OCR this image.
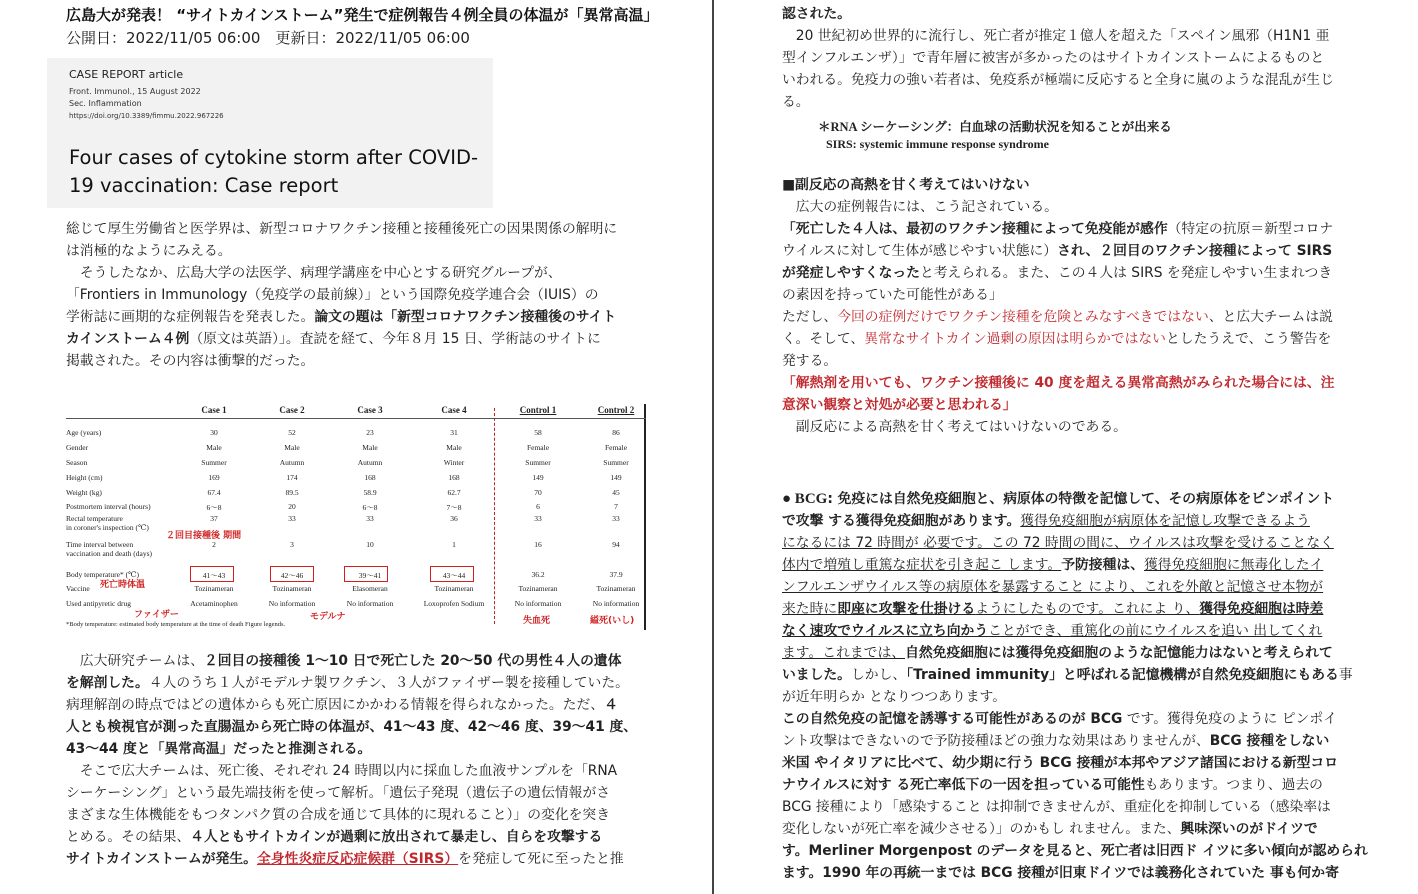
広島大が発表！ “サイトカインストーム”発生で症例報告４例全員の体温が「異常高温」
公開日：2022/11/05 06:00　更新日：2022/11/05 06:00
CASE REPORT article
Front. Immunol., 15 August 2022
Sec. Inflammation
https://doi.org/10.3389/fimmu.2022.967226
Four cases of cytokine storm after COVID-19 vaccination: Case report

総じて厚生労働省と医学界は、新型コロナワクチン接種と接種後死亡の因果関係の解明に

は消極的なようにみえる。

そうしたなか、広島大学の法医学、病理学講座を中心とする研究グループが、

「Frontiers in Immunology（免疫学の最前線）」という国際免疫学連合会（IUIS）の

学術誌に画期的な症例報告を発表した。論文の題は「新型コロナワクチン接種後のサイト

カインストーム４例（原文は英語）」。査読を経て、今年８月 15 日、学術誌のサイトに

掲載された。その内容は衝撃的だった。

Case 1	Case 2	Case 3	Case 4	Control 1	Control 2
Age (years)	30	52	23	31	58	86
Gender	Male	Male	Male	Male	Female	Female
Season	Summer	Autumn	Autumn	Winter	Summer	Summer
Height (cm)	169	174	168	168	149	149
Weight (kg)	67.4	89.5	58.9	62.7	70	45
Postmortem interval (hours)	6～8	20	6～8	7～8	6	7
Rectal temperature
in coroner's inspection (℃)
37	33	33	36	33	33
Time interval between
vaccination and death (days)
2	3	10	1	16	94
Body temperature* (℃)	41～43	42～46	39～41	43～44	36.2	37.9
Vaccine	Tozinameran	Tozinameran	Elasomeran	Tozinameran	Tozinameran	Tozinameran
Used antipyretic drug	Acetaminophen	No information	No information	Loxoprofen Sodium	No information	No information
２回目接種後 期間
死亡時体温
ファイザー	モデルナ	失血死	縊死(いし)
*Body temperature: estimated body temperature at the time of death Figure legends.

広大研究チームは、２回目の接種後 1～10 日で死亡した 20～50 代の男性４人の遺体

を解剖した。４人のうち１人がモデルナ製ワクチン、３人がファイザー製を接種していた。

病理解剖の時点ではどの遺体からも死亡原因にかかわる情報を得られなかった。ただ、４

人とも検視官が測った直腸温から死亡時の体温が、41～43 度、42～46 度、39～41 度、

43～44 度と「異常高温」だったと推測される。

そこで広大チームは、死亡後、それぞれ 24 時間以内に採血した血液サンプルを「RNA

シーケーシング」という最先端技術を使って解析。「遺伝子発現（遺伝子の遺伝情報がさ

まざまな生体機能をもつタンパク質の合成を通じて具体的に現れること）」の変化を突き

とめる。その結果、４人ともサイトカインが過剰に放出されて暴走し、自らを攻撃する

サイトカインストームが発生。全身性炎症反応症候群（SIRS）を発症して死に至ったと推

認された。

20 世紀初め世界的に流行し、死亡者が推定１億人を超えた「スペイン風邪（H1N1 亜

型インフルエンザ）」で青年層に被害が多かったのはサイトカインストームによるものと

いわれる。免疫力の強い若者は、免疫系が極端に反応すると全身に嵐のような混乱が生じ

る。

＊RNA シーケーシング：白血球の活動状況を知ることが出来る
SIRS: systemic immune response syndrome

■副反応の高熱を甘く考えてはいけない

広大の症例報告には、こう記されている。

「死亡した４人は、最初のワクチン接種によって免疫能が感作（特定の抗原＝新型コロナ

ウイルスに対して生体が感じやすい状態に）され、２回目のワクチン接種によって SIRS

が発症しやすくなったと考えられる。また、この４人は SIRS を発症しやすい生まれつき

の素因を持っていた可能性がある」

ただし、今回の症例だけでワクチン接種を危険とみなすべきではない、と広大チームは説

く。そして、異常なサイトカイン過剰の原因は明らかではないとしたうえで、こう警告を

発する。

「解熱剤を用いても、ワクチン接種後に 40 度を超える異常高熱がみられた場合には、注

意深い観察と対処が必要と思われる」

副反応による高熱を甘く考えてはいけないのである。

● BCG: 免疫には自然免疫細胞と、病原体の特徴を記憶して、その病原体をピンポイント

で攻撃 する獲得免疫細胞があります。獲得免疫細胞が病原体を記憶し攻撃できるよう

になるには 72 時間が 必要です。この 72 時間の間に、ウイルスは攻撃を受けることなく

体内で増殖し重篤な症状を引き起こ します。予防接種は、獲得免疫細胞に無毒化したイ

ンフルエンザウイルス等の病原体を暴露すること により、これを外敵と記憶させ本物が

来た時に即座に攻撃を仕掛けるようにしたものです。これによ り、獲得免疫細胞は時差

なく速攻でウイルスに立ち向かうことができ、重篤化の前にウイルスを追い 出してくれ

ます。これまでは、自然免疫細胞には獲得免疫細胞のような記憶能力はないと考えられて

いました。しかし、「Trained immunity」と呼ばれる記憶機構が自然免疫細胞にもある事

が近年明らか となりつつあります。

この自然免疫の記憶を誘導する可能性があるのが BCG です。獲得免疫のように ピンポイ

ント攻撃はできないので予防接種ほどの強力な効果はありませんが、BCG 接種をしない

米国 やイタリアに比べて、幼少期に行う BCG 接種が本邦やアジア諸国における新型コロ

ナウイルスに対す る死亡率低下の一因を担っている可能性もあります。つまり、過去の

BCG 接種により「感染すること は抑制できませんが、重症化を抑制している（感染率は

変化しないが死亡率を減少させる）」のかもし れません。また、興味深いのがドイツで

す。Merliner Morgenpost のデータを見ると、死亡者は旧西ド イツに多い傾向が認められ

ます。1990 年の再統一までは BCG 接種が旧東ドイツでは義務化されていた 事も何か寄
